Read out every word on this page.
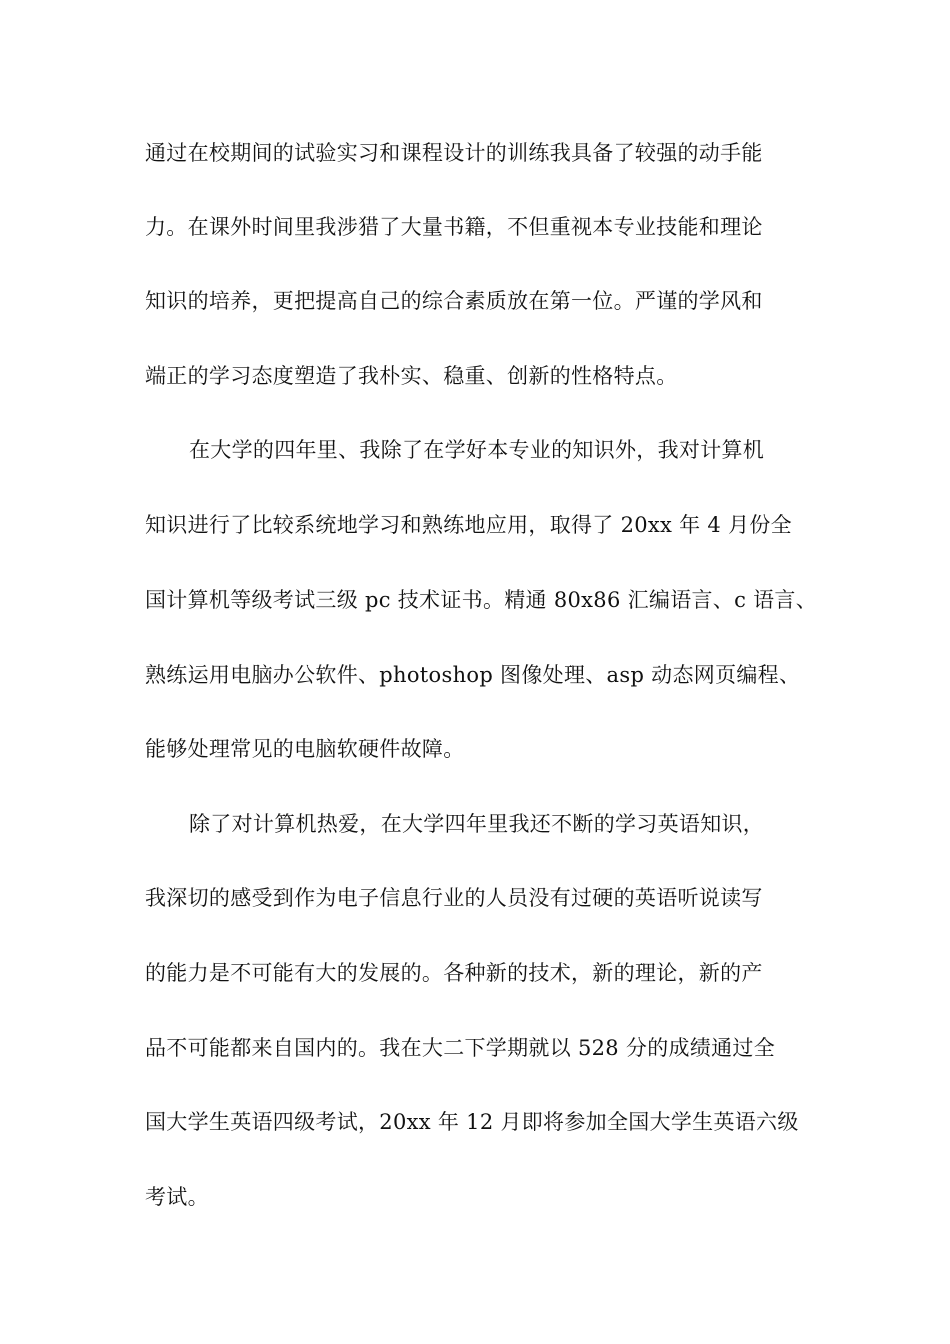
通过在校期间的试验实习和课程设计的训练我具备了较强的动手能
力。在课外时间里我涉猎了大量书籍，不但重视本专业技能和理论
知识的培养，更把提高自己的综合素质放在第一位。严谨的学风和
端正的学习态度塑造了我朴实、稳重、创新的性格特点。
在大学的四年里、我除了在学好本专业的知识外，我对计算机
知识进行了比较系统地学习和熟练地应用，取得了 20xx 年 4 月份全
国计算机等级考试三级 pc 技术证书。精通 80x86 汇编语言、c 语言、
熟练运用电脑办公软件、photoshop 图像处理、asp 动态网页编程、
能够处理常见的电脑软硬件故障。
除了对计算机热爱，在大学四年里我还不断的学习英语知识，
我深切的感受到作为电子信息行业的人员没有过硬的英语听说读写
的能力是不可能有大的发展的。各种新的技术，新的理论，新的产
品不可能都来自国内的。我在大二下学期就以 528 分的成绩通过全
国大学生英语四级考试，20xx 年 12 月即将参加全国大学生英语六级
考试。
